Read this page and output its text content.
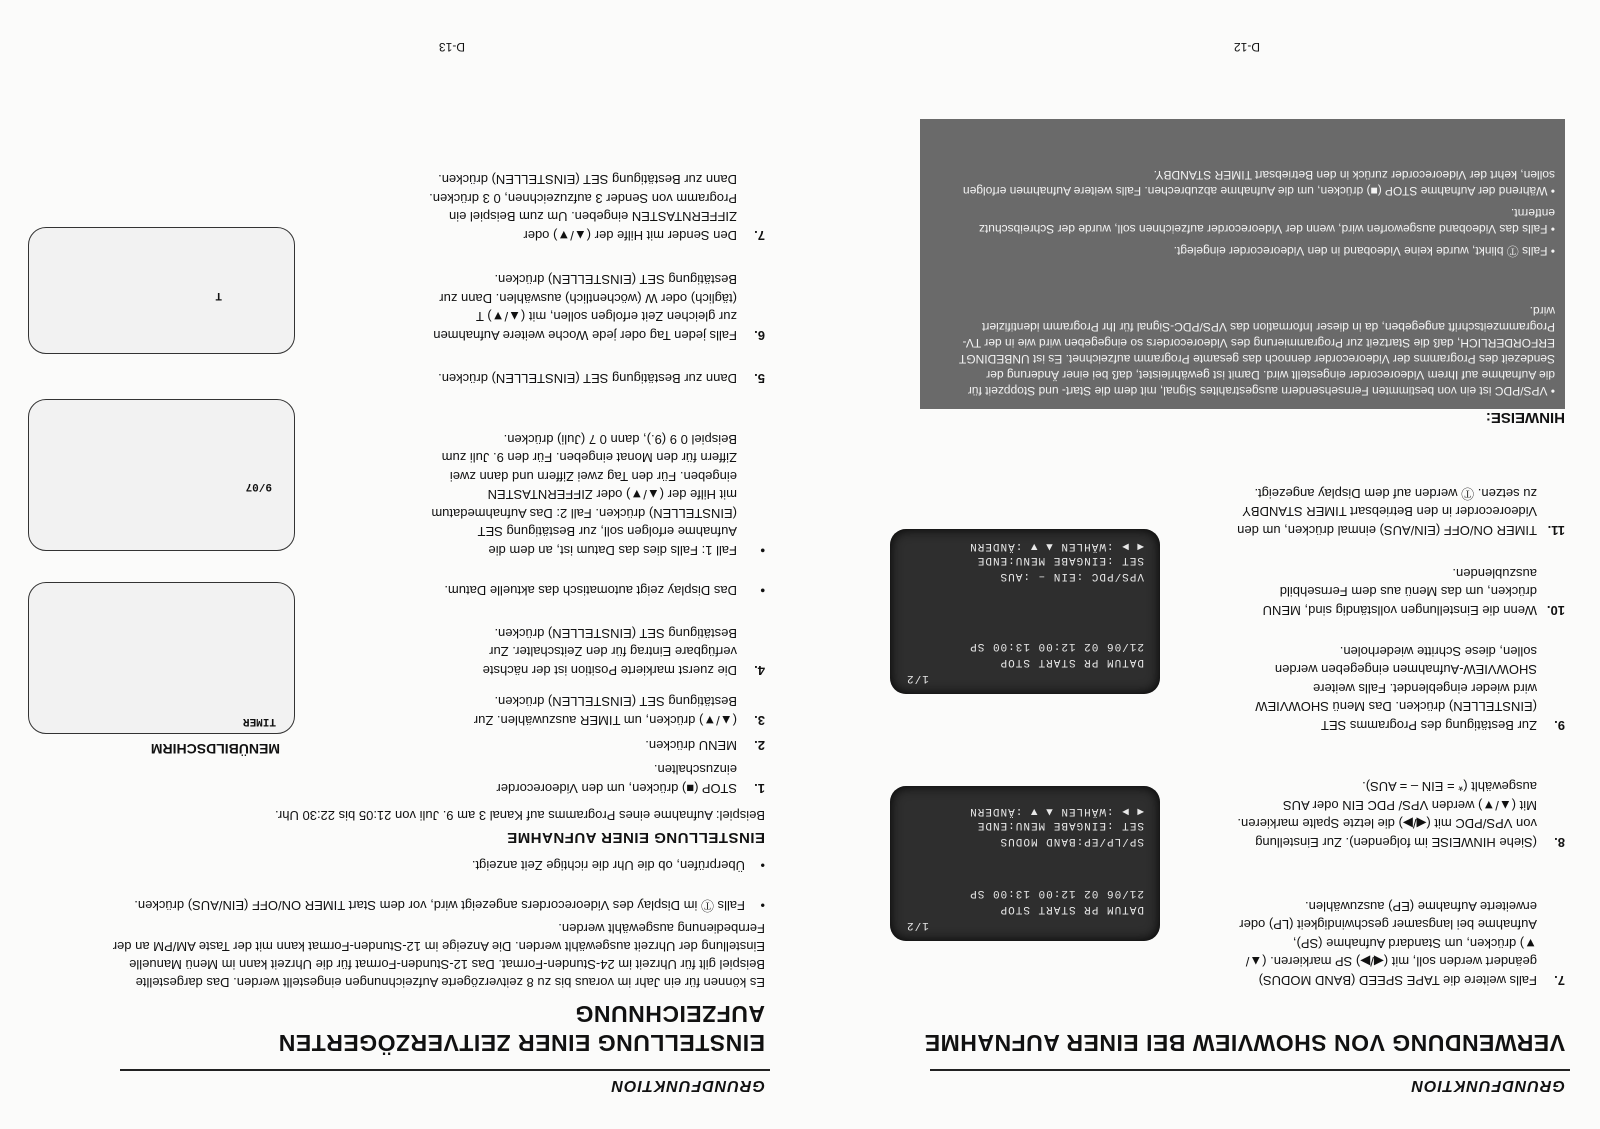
GRUNDFUNKTION
VERWENDUNG VON SHOWVIEW BEI EINER AUFNAHME
7.
Falls weitere die TAPE SPEED (BAND MODUS) geändert werden soll, mit (◀/▶) SP markieren. (▲/▼) drücken, um Standard Aufnahme (SP), Aufnahme bei langsamer geschwindigkeit (LP) oder erweiterte Aufnahme (EP) auszuwählen.
8.
(Siehe HINWEISE im folgenden). Zur Einstellung von VPS/PDC mit (◀/▶) die letzte Spalte markieren. Mit (▲/▼) werden VPS/ PDC EIN oder AUS ausgewählt (* = EIN – = AUS).
9.
Zur Bestätigung des Programms SET (EINSTELLEN) drücken. Das Menü SHOWVIEW wird wieder eingeblendet. Falls weitere SHOWVIEW-Aufnahmen eingegeben werden sollen, diese Schritte wiederholen.
10.
Wenn die Einstellungen vollständig sind, MENU drücken, um das Menü aus dem Fernsehbild auszublenden.
11.
TIMER ON/OFF (EIN/AUS) einmal drücken, um den Videorecorder in den Betriebsart TIMER STANDBY zu setzen. Ⓣ werden auf dem Display angezeigt.
1/2
DATUM PR START STOP
21/06 02 12:00 13:00 SP
SP/LP/EP:BAND MODUS
SET :EINGABE MENU:ENDE
◀ ▶ :WÄHLEN ▲ ▼ :ÄNDERN
1/2
DATUM PR START STOP
21/06 02 12:00 13:00 SP
VPS/PDC :EIN – :AUS
SET :EINGABE MENU:ENDE
◀ ▶ :WÄHLEN ▲ ▼ :ÄNDERN
HINWEISE:
• VPS/PDC ist ein von bestimmten Fernsehsendern ausgestrahltes Signal, mit dem die Start- und Stoppzeit für die Aufnahme auf Ihrem Videorecorder eingestellt wird. Damit ist gewährleistet, daß bei einer Änderung der Sendezeit des Programms der Videorecorder dennoch das gesamte Programm aufzeichnet. Es ist UNBEDINGT ERFORDERLICH, daß die Startzeit zur Programmierung des Videorecorders so eingegeben wird wie in der TV-Programmzeitschrift angegeben, da in dieser Information das VPS/PDC-Signal für Ihr Programm identifiziert wird.
• Falls Ⓣ blinkt, wurde keine Videoband in den Videorecorder eingelegt.
• Falls das Videoband ausgeworfen wird, wenn der Videorecorder aufzeichnen soll, wurde der Schreibschutz entfernt.
• Während der Aufnahme STOP (■) drücken, um die Aufnahme abzubrechen. Falls weitere Aufnahmen erfolgen sollen, kehrt der Videorecorder zurück in den Betriebsart TIMER STANDBY.
D-12
GRUNDFUNKTION
EINSTELLUNG EINER ZEITVERZÖGERTEN AUFZEICHNUNG
Es können für ein Jahr im voraus bis zu 8 zeitverzögerte Aufzeichnungen eingestellt werden. Das dargestellte Beispiel gilt für Uhrzeit im 24-Stunden-Format. Das 12-Stunden-Format für die Uhrzeit kann im Menü Manuelle Einstellung der Uhrzeit ausgewählt werden. Die Anzeige im 12-Stunden-Format kann mit der Taste AM/PM an der Fernbedienung ausgewählt werden.
•
Falls Ⓣ im Display des Videorecorders angezeigt wird, vor dem Start TIMER ON/OFF (EIN/AUS) drücken.
•
Überprüfen, ob die Uhr die richtige Zeit anzeigt.
EINSTELLUNG EINER AUFNAHME
Beispiel: Aufnahme eines Programms auf Kanal 3 am 9. Juli von 21:05 bis 22:30 Uhr.
1.
STOP (■) drücken, um den Videorecorder einzuschalten.
2.
MENU drücken.
3.
(▲/▼) drücken, um TIMER auszuwählen. Zur Bestätigung SET (EINSTELLEN) drücken.
4.
Die zuerst markierte Position ist der nächste verfügbare Eintrag für den Zeitschalter. Zur Bestätigung SET (EINSTELLEN) drücken.
•
Das Display zeigt automatisch das aktuelle Datum.
•
Fall 1: Falls dies das Datum ist, an dem die Aufnahme erfolgen soll, zur Bestätigung SET (EINSTELLEN) drücken. Fall 2: Das Aufnahmedatum mit Hilfe der (▲/▼) oder ZIFFERNTASTEN eingeben. Für den Tag zwei Ziffern und dann zwei Ziffern für den Monat eingeben. Für den 9. Juli zum Beispiel 0 9 (9.), dann 0 7 (Juli) drücken.
5.
Dann zur Bestätigung SET (EINSTELLEN) drücken.
6.
Falls jeden Tag oder jede Woche weitere Aufnahmen zur gleichen Zeit erfolgen sollen, mit (▲/▼) T (täglich) oder W (wöchentlich) auswählen. Dann zur Bestätigung SET (EINSTELLEN) drücken.
7.
Den Sender mit Hilfe der (▲/▼) oder ZIFFERNTASTEN eingeben. Um zum Beispiel ein Programm von Sender 3 aufzuzeichnen, 0 3 drücken. Dann zur Bestätigung SET (EINSTELLEN) drücken.
MENÜBILDSCHIRM
TIMER
9/07
T
D-13
